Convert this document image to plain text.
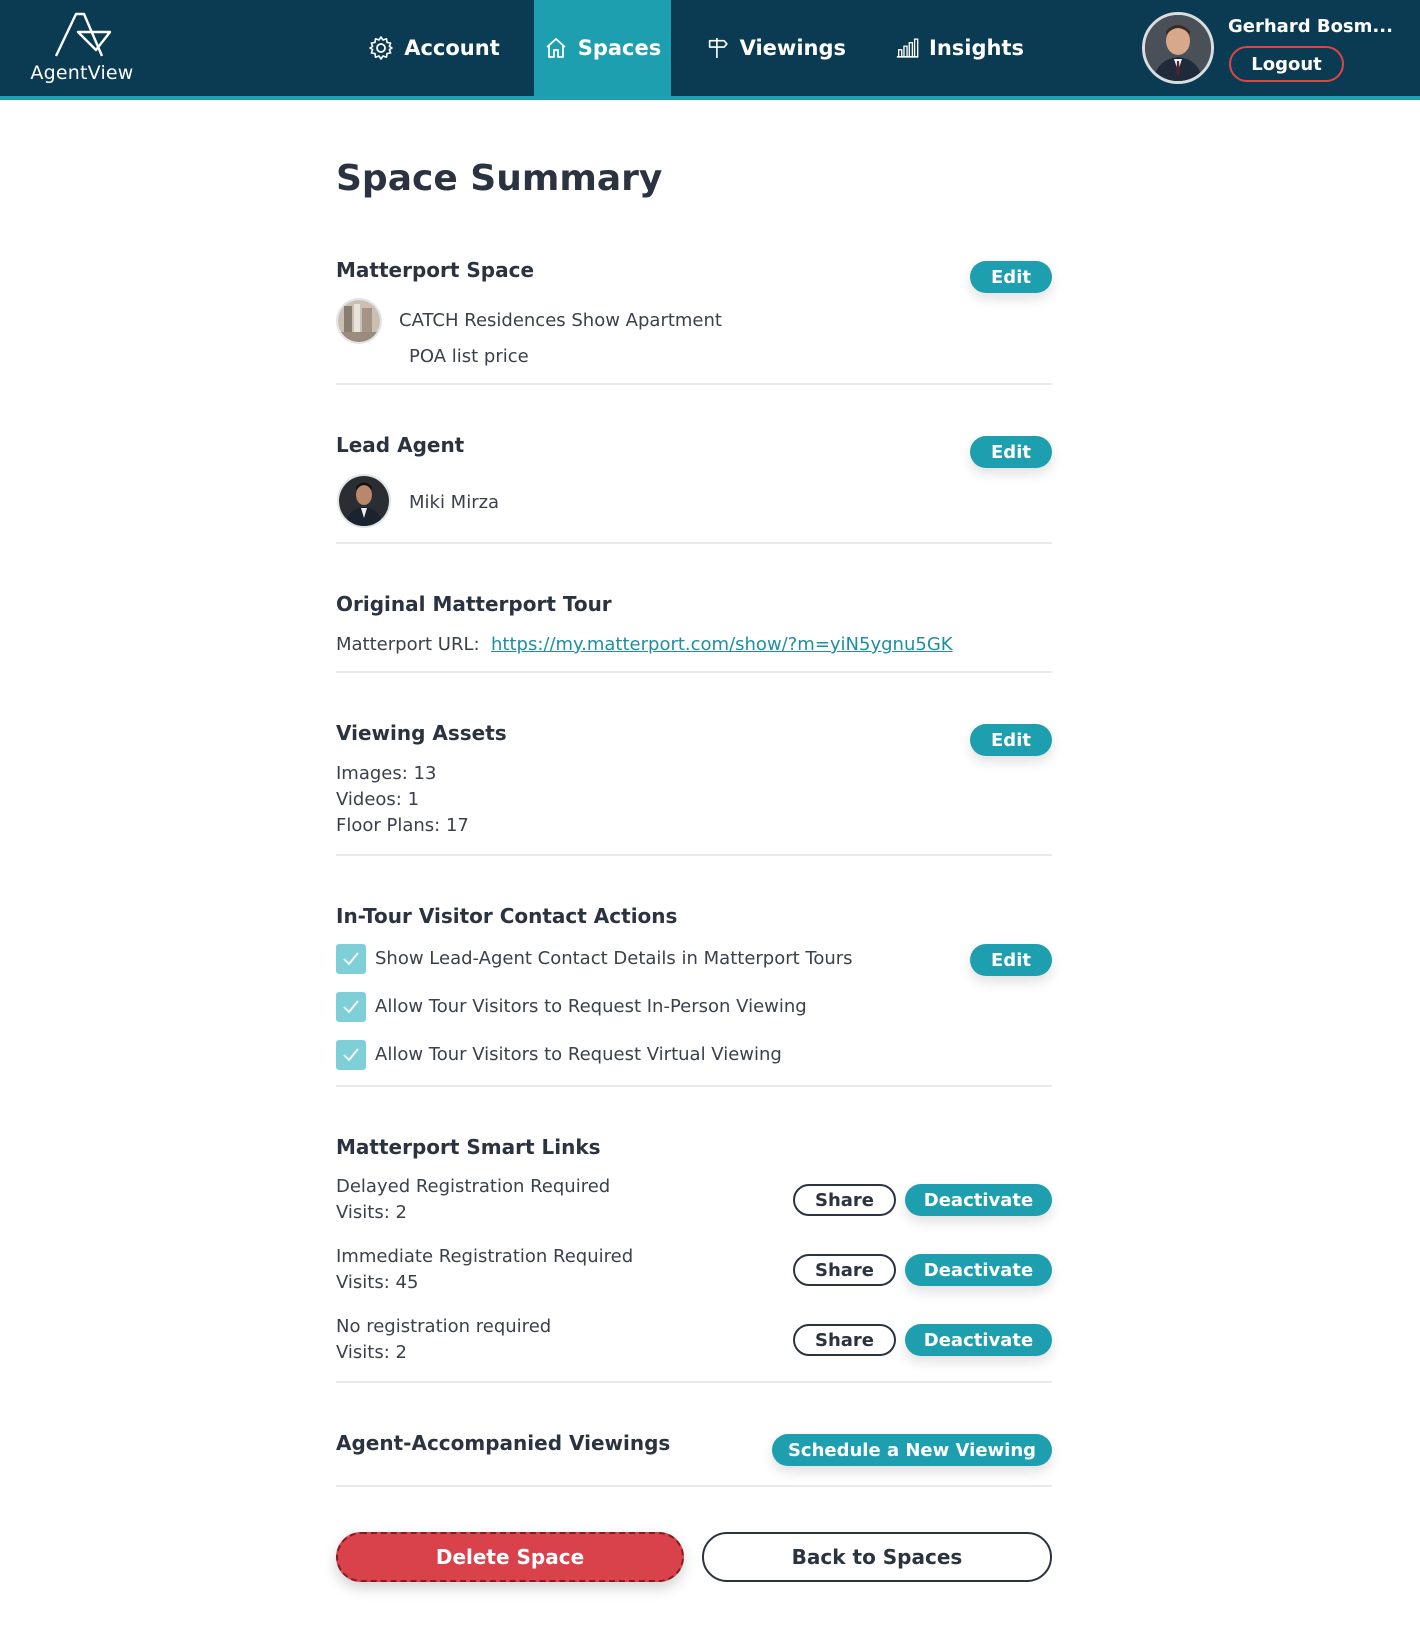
AgentView
Account	Spaces	Viewings	Insights
Gerhard Bosm...
Logout
Space Summary
Matterport Space	Edit
CATCH Residences Show Apartment
POA list price
Lead Agent	Edit
Miki Mirza
Original Matterport Tour
Matterport URL: https://my.matterport.com/show/?m=yiN5ygnu5GK
Viewing Assets	Edit
Images: 13
Videos: 1
Floor Plans: 17
In-Tour Visitor Contact Actions
Edit
Show Lead-Agent Contact Details in Matterport Tours
Allow Tour Visitors to Request In-Person Viewing
Allow Tour Visitors to Request Virtual Viewing
Matterport Smart Links
Delayed Registration Required
Visits: 2
Share	Deactivate
Immediate Registration Required
Visits: 45
Share	Deactivate
No registration required
Visits: 2
Share	Deactivate
Agent-Accompanied Viewings	Schedule a New Viewing
Delete Space	Back to Spaces
